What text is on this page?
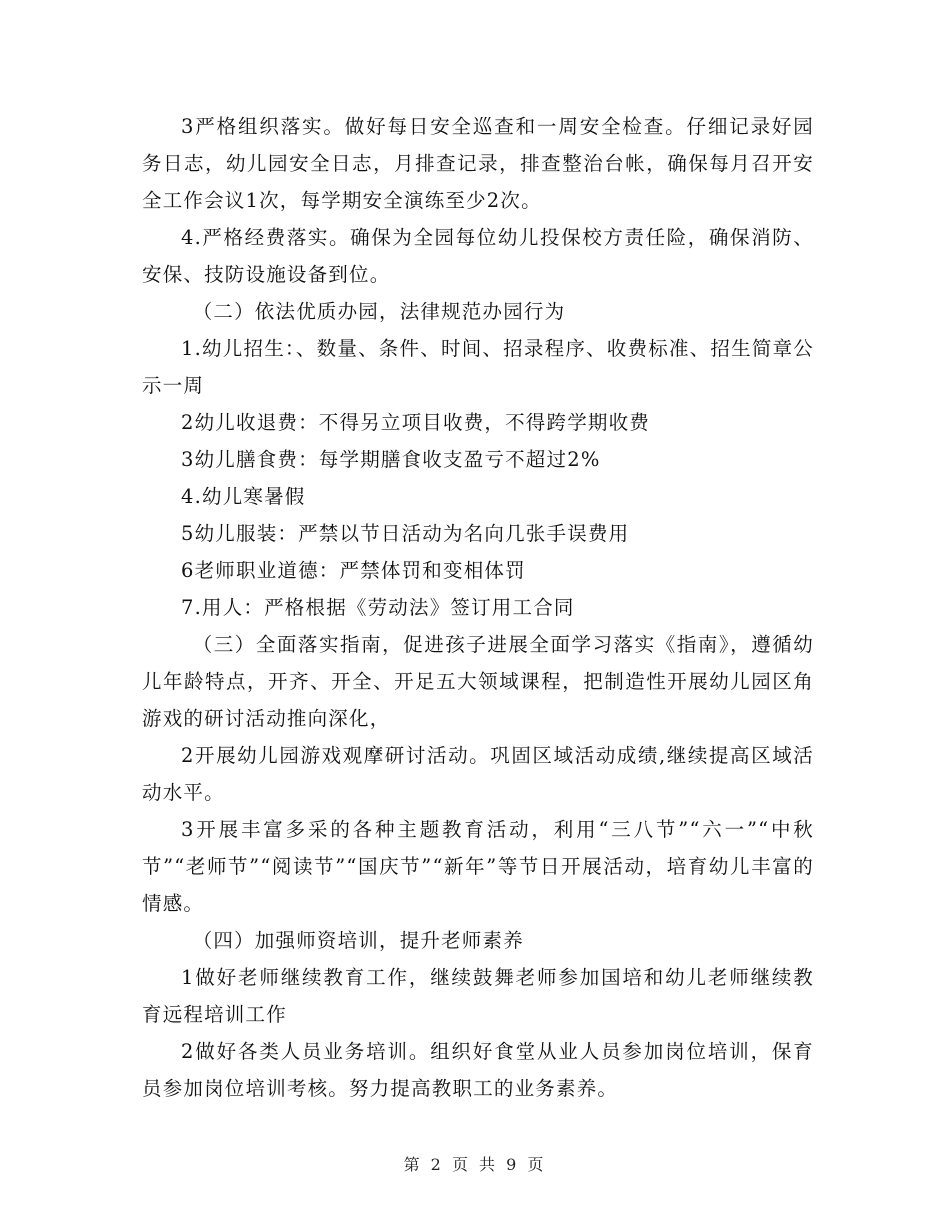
3严格组织落实。做好每日安全巡查和一周安全检查。仔细记录好园务日志，幼儿园安全日志，月排查记录，排查整治台帐，确保每月召开安全工作会议1次，每学期安全演练至少2次。

4.严格经费落实。确保为全园每位幼儿投保校方责任险，确保消防、安保、技防设施设备到位。

（二）依法优质办园，法律规范办园行为

1.幼儿招生：、数量、条件、时间、招录程序、收费标准、招生简章公示一周

2幼儿收退费：不得另立项目收费，不得跨学期收费

3幼儿膳食费：每学期膳食收支盈亏不超过2%

4.幼儿寒暑假

5幼儿服装：严禁以节日活动为名向几张手误费用

6老师职业道德：严禁体罚和变相体罚

7.用人：严格根据《劳动法》签订用工合同

（三）全面落实指南，促进孩子进展全面学习落实《指南》，遵循幼儿年龄特点，开齐、开全、开足五大领域课程，把制造性开展幼儿园区角游戏的研讨活动推向深化，

2开展幼儿园游戏观摩研讨活动。巩固区域活动成绩,继续提高区域活动水平。

3开展丰富多采的各种主题教育活动，利用“三八节”“六一”“中秋节”“老师节”“阅读节”“国庆节”“新年”等节日开展活动，培育幼儿丰富的情感。

（四）加强师资培训，提升老师素养

1做好老师继续教育工作，继续鼓舞老师参加国培和幼儿老师继续教育远程培训工作

2做好各类人员业务培训。组织好食堂从业人员参加岗位培训，保育员参加岗位培训考核。努力提高教职工的业务素养。

第 2 页 共 9 页
